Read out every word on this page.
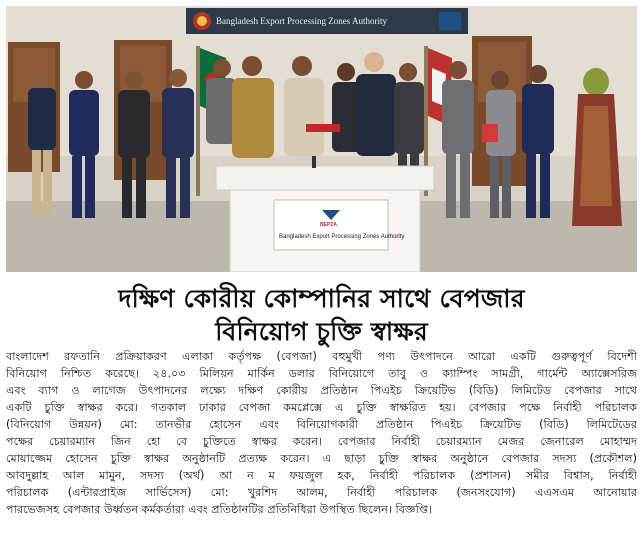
Bangladesh Export Processing Zones Authority
BEPZA
Bangladesh Export Processing Zones Authority
দক্ষিণ কোরীয় কোম্পানির সাথে বেপজার
বিনিয়োগ চুক্তি স্বাক্ষর
বাংলাদেশ রফতানি প্রক্রিয়াকরণ এলাকা কর্তৃপক্ষ (বেপজা) বহুমুখী পণ্য উৎপাদনে আরো একটি গুরুত্বপূর্ণ বিদেশী
বিনিয়োগ নিশ্চিত করেছে। ২৪.০৩ মিলিয়ন মার্কিন ডলার বিনিয়োগে তাবু ও ক্যাম্পিং সামগ্রী, গার্মেন্ট অ্যাক্সেসরিজ
এবং ব্যাগ ও লাগেজ উৎপাদনের লক্ষ্যে দক্ষিণ কোরীয় প্রতিষ্ঠান পিএইচ ক্রিয়েটিভ (বিডি) লিমিটেড বেপজার সাথে
একটি চুক্তি স্বাক্ষর করে। গতকাল ঢাকার বেপজা কমপ্লেক্সে এ চুক্তি স্বাক্ষরিত হয়। বেপজার পক্ষে নির্বাহী পরিচালক
(বিনিয়োগ উন্নয়ন) মো: তানভীর হোসেন এবং বিনিয়োগকারী প্রতিষ্ঠান পিএইচ ক্রিয়েটিভ (বিডি) লিমিটেডের
পক্ষের চেয়ারম্যান জিন হো বে চুক্তিতে স্বাক্ষর করেন। বেপজার নির্বাহী চেয়ারম্যান মেজর জেনারেল মোহাম্মদ
মোয়াজ্জেম হোসেন চুক্তি স্বাক্ষর অনুষ্ঠানটি প্রত্যক্ষ করেন। এ ছাড়া চুক্তি স্বাক্ষর অনুষ্ঠানে বেপজার সদস্য (প্রকৌশল)
আবদুল্লাহ আল মামুন, সদস্য (অর্থ) আ ন ম ফয়জুল হক, নির্বাহী পরিচালক (প্রশাসন) সমীর বিশ্বাস, নির্বাহী
পরিচালক (এন্টারপ্রাইজ সার্ভিসেস) মো: খুরশিদ আলম, নির্বাহী পরিচালক (জনসংযোগ) এএসএম আনোয়ার
পারভেজসহ বেপজার উর্ধ্বতন কর্মকর্তারা এবং প্রতিষ্ঠানটির প্রতিনিধিরা উপস্থিত ছিলেন। বিজ্ঞপ্তি।
